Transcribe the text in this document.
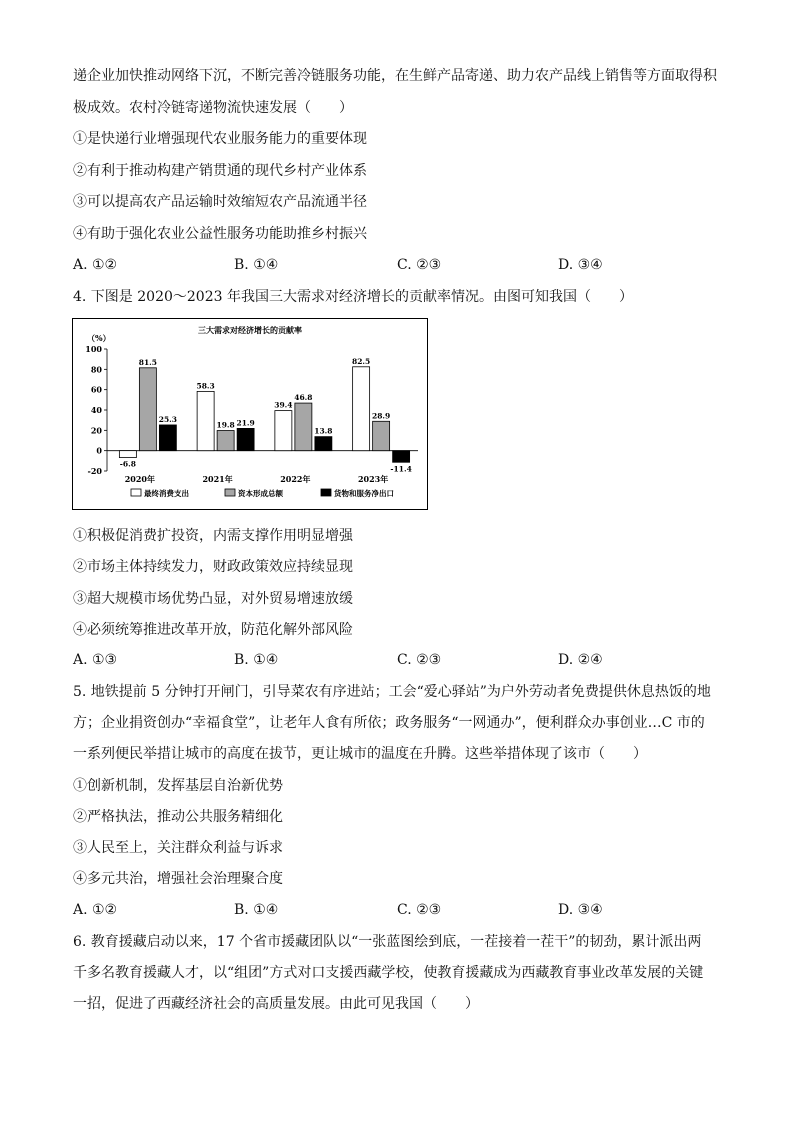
递企业加快推动网络下沉，不断完善冷链服务功能，在生鲜产品寄递、助力农产品线上销售等方面取得积
极成效。农村冷链寄递物流快速发展（　　）
①是快递行业增强现代农业服务能力的重要体现
②有利于推动构建产销贯通的现代乡村产业体系
③可以提高农产品运输时效缩短农产品流通半径
④有助于强化农业公益性服务功能助推乡村振兴
A. ①②	B. ①④	C. ②③	D. ③④
4. 下图是 2020～2023 年我国三大需求对经济增长的贡献率情况。由图可知我国（　　）
三大需求对经济增长的贡献率
（%）
100
80
60
40
20
0
-20
-6.8
81.5
25.3
58.3
19.8 21.9
39.4
46.8
13.8
82.5
28.9
-11.4
2020年	2021年	2022年	2023年
最终消费支出	资本形成总额	货物和服务净出口
①积极促消费扩投资，内需支撑作用明显增强
②市场主体持续发力，财政政策效应持续显现
③超大规模市场优势凸显，对外贸易增速放缓
④必须统筹推进改革开放，防范化解外部风险
A. ①③	B. ①④	C. ②③	D. ②④
5. 地铁提前 5 分钟打开闸门，引导菜农有序进站；工会“爱心驿站”为户外劳动者免费提供休息热饭的地
方；企业捐资创办“幸福食堂”，让老年人食有所依；政务服务“一网通办”，便利群众办事创业…C 市的
一系列便民举措让城市的高度在拔节，更让城市的温度在升腾。这些举措体现了该市（　　）
①创新机制，发挥基层自治新优势
②严格执法，推动公共服务精细化
③人民至上，关注群众利益与诉求
④多元共治，增强社会治理聚合度
A. ①②	B. ①④	C. ②③	D. ③④
6. 教育援藏启动以来，17 个省市援藏团队以“一张蓝图绘到底，一茬接着一茬干”的韧劲，累计派出两
千多名教育援藏人才，以“组团”方式对口支援西藏学校，使教育援藏成为西藏教育事业改革发展的关键
一招，促进了西藏经济社会的高质量发展。由此可见我国（　　）
